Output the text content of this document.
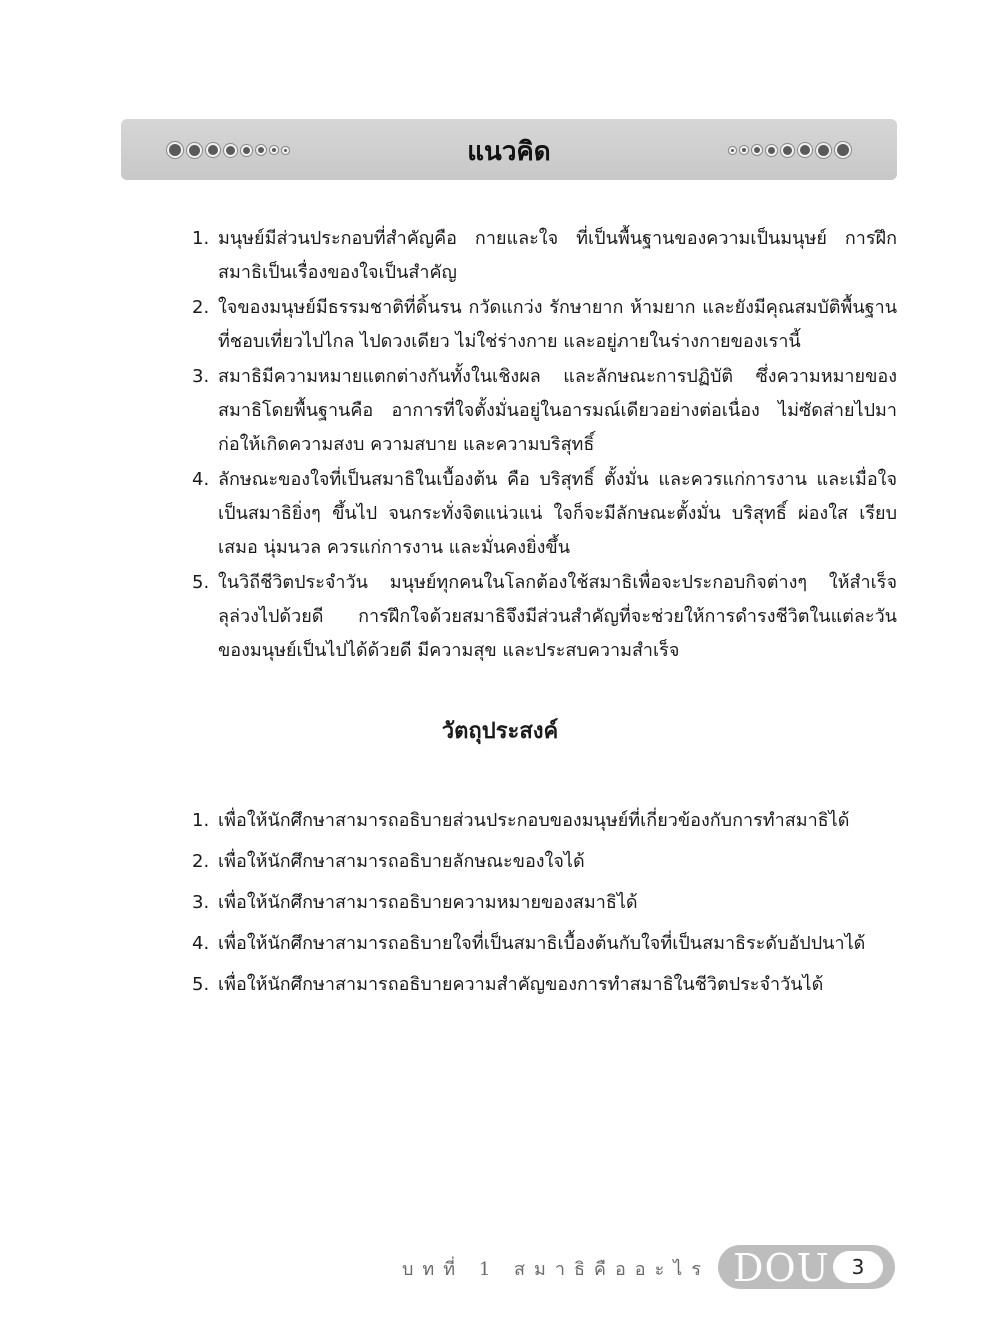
แนวคิด
1. มนุษย์มีส่วนประกอบที่สำคัญคือ กายและใจ ที่เป็นพื้นฐานของความเป็นมนุษย์ การฝึกสมาธิเป็นเรื่องของใจเป็นสำคัญ
2. ใจของมนุษย์มีธรรมชาติที่ดิ้นรน กวัดแกว่ง รักษายาก ห้ามยาก และยังมีคุณสมบัติพื้นฐานที่ชอบเที่ยวไปไกล ไปดวงเดียว ไม่ใช่ร่างกาย และอยู่ภายในร่างกายของเรานี้
3. สมาธิมีความหมายแตกต่างกันทั้งในเชิงผล และลักษณะการปฏิบัติ ซึ่งความหมายของสมาธิโดยพื้นฐานคือ อาการที่ใจตั้งมั่นอยู่ในอารมณ์เดียวอย่างต่อเนื่อง ไม่ซัดส่ายไปมา ก่อให้เกิดความสงบ ความสบาย และความบริสุทธิ์
4. ลักษณะของใจที่เป็นสมาธิในเบื้องต้น คือ บริสุทธิ์ ตั้งมั่น และควรแก่การงาน และเมื่อใจเป็นสมาธิยิ่งๆ ขึ้นไป จนกระทั่งจิตแน่วแน่ ใจก็จะมีลักษณะตั้งมั่น บริสุทธิ์ ผ่องใส เรียบเสมอ นุ่มนวล ควรแก่การงาน และมั่นคงยิ่งขึ้น
5. ในวิถีชีวิตประจำวัน มนุษย์ทุกคนในโลกต้องใช้สมาธิเพื่อจะประกอบกิจต่างๆ ให้สำเร็จลุล่วงไปด้วยดี การฝึกใจด้วยสมาธิจึงมีส่วนสำคัญที่จะช่วยให้การดำรงชีวิตในแต่ละวันของมนุษย์เป็นไปได้ด้วยดี มีความสุข และประสบความสำเร็จ
วัตถุประสงค์
1. เพื่อให้นักศึกษาสามารถอธิบายส่วนประกอบของมนุษย์ที่เกี่ยวข้องกับการทำสมาธิได้
2. เพื่อให้นักศึกษาสามารถอธิบายลักษณะของใจได้
3. เพื่อให้นักศึกษาสามารถอธิบายความหมายของสมาธิได้
4. เพื่อให้นักศึกษาสามารถอธิบายใจที่เป็นสมาธิเบื้องต้นกับใจที่เป็นสมาธิระดับอัปปนาได้
5. เพื่อให้นักศึกษาสามารถอธิบายความสำคัญของการทำสมาธิในชีวิตประจำวันได้
บทที่ 1 สมาธิคืออะไร DOU	3
